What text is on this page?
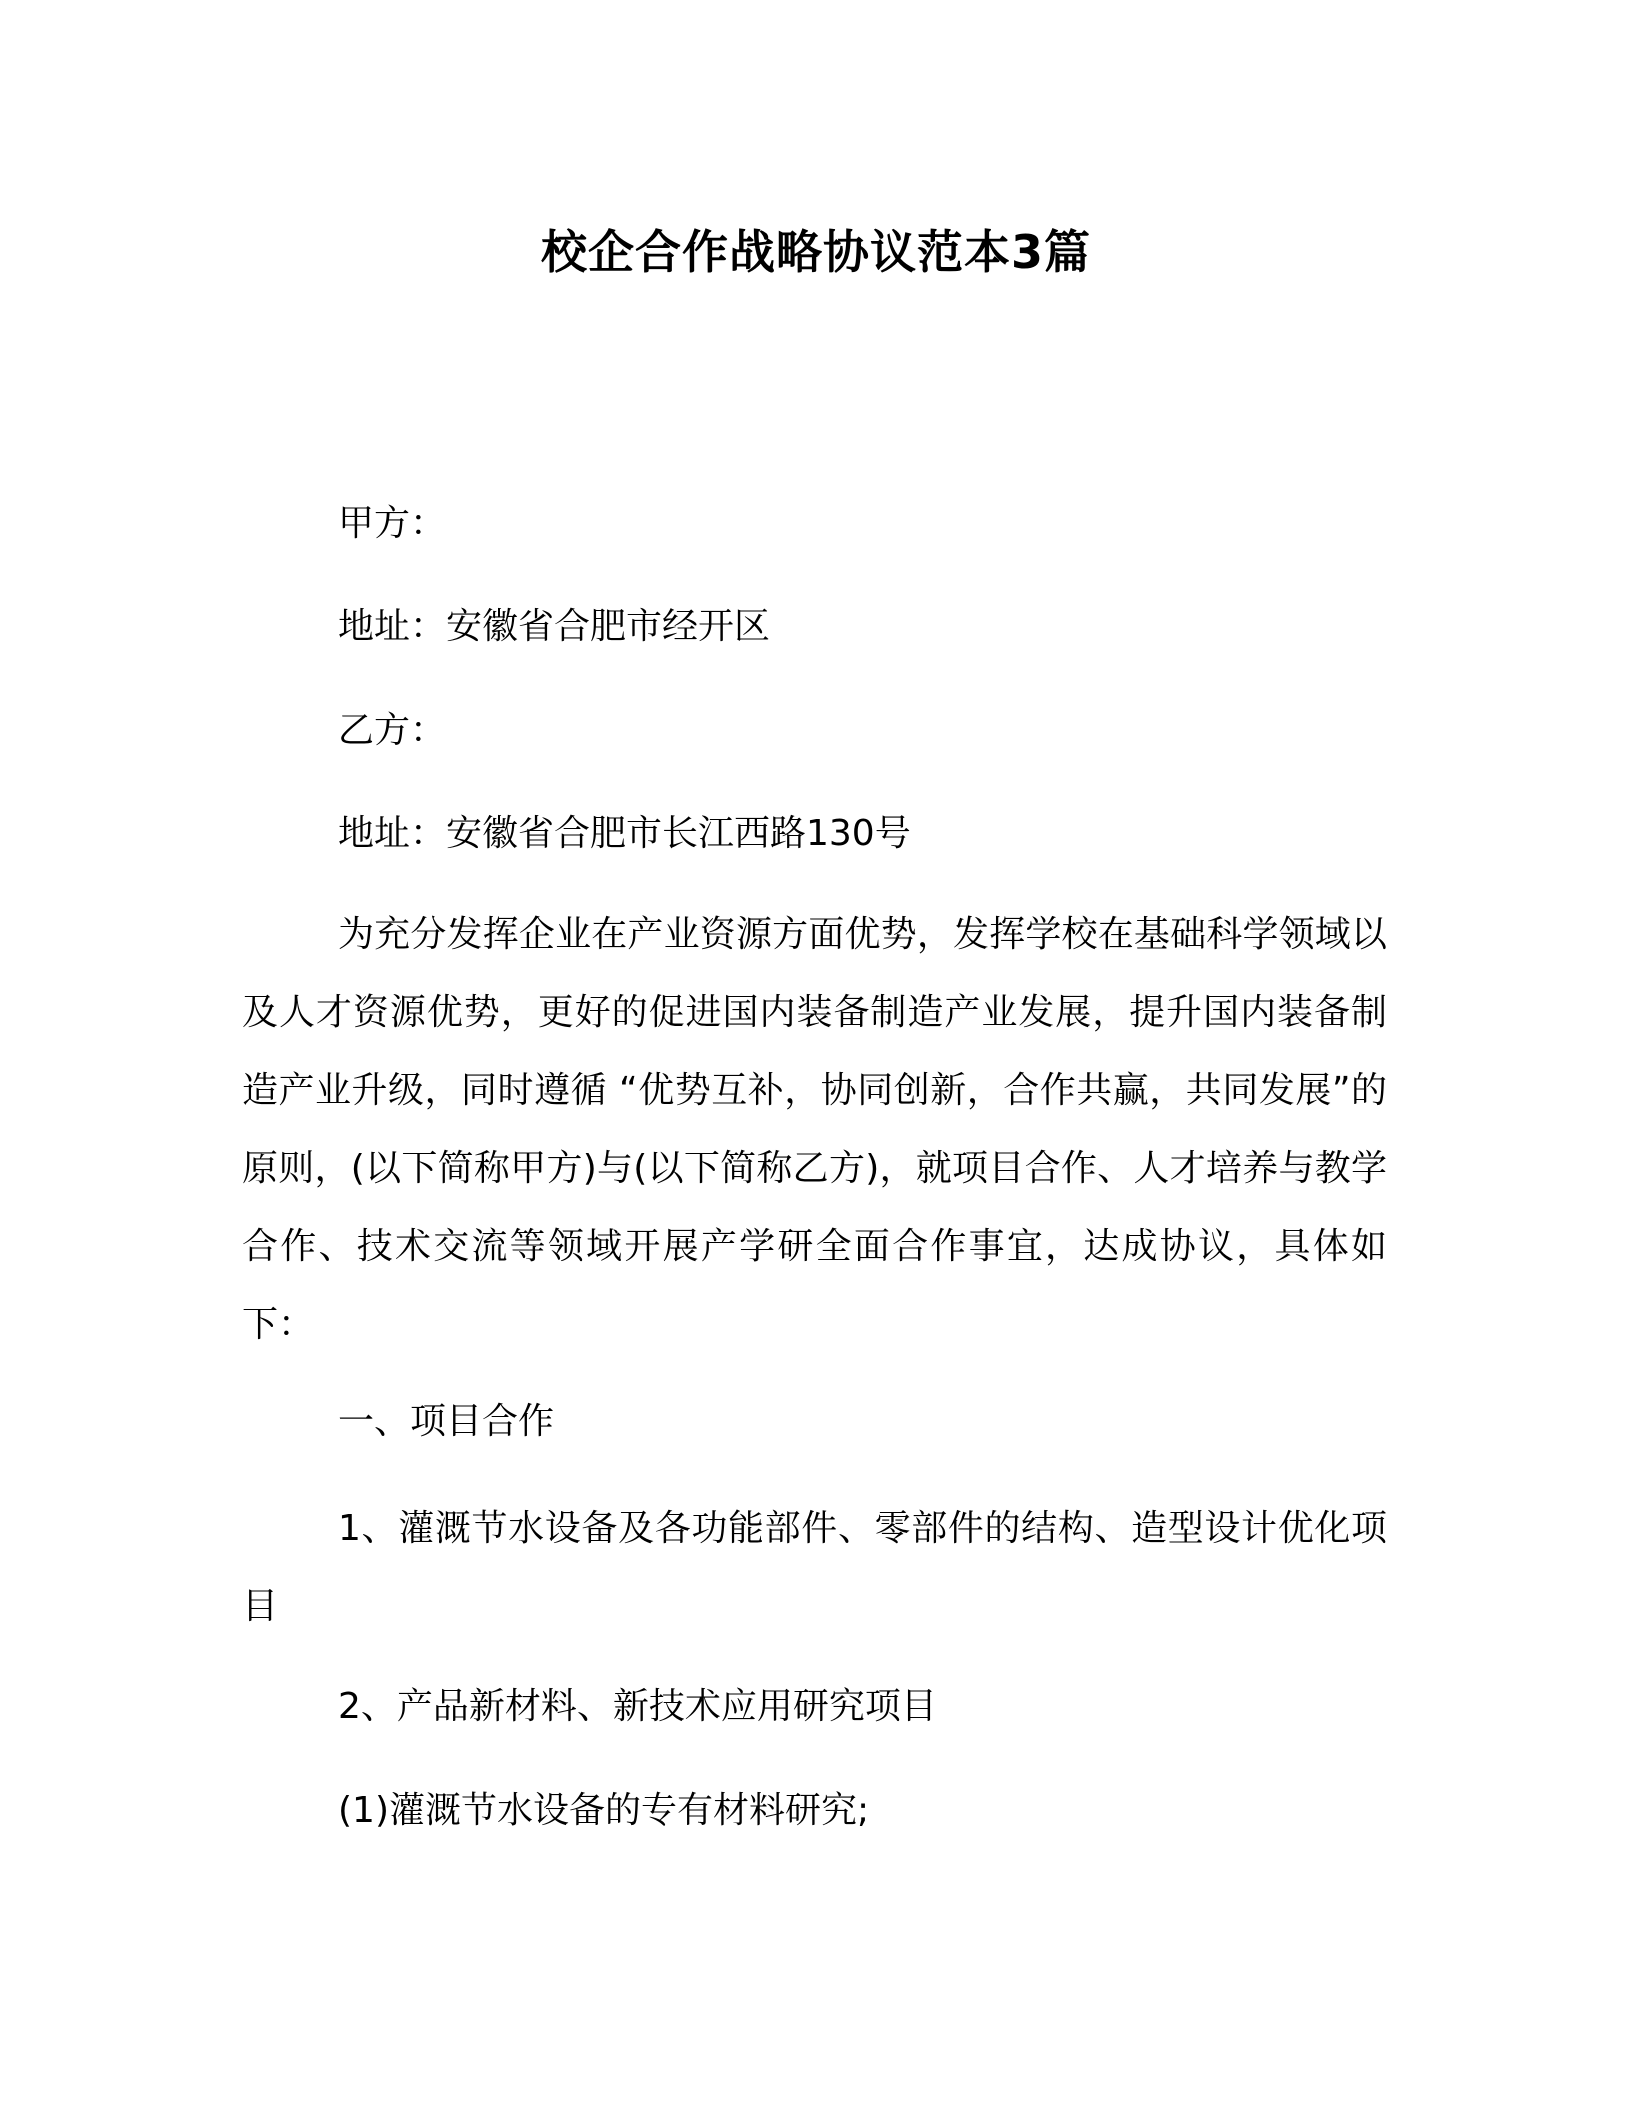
校企合作战略协议范本3篇
甲方：
地址：安徽省合肥市经开区
乙方：
地址：安徽省合肥市长江西路130号
为充分发挥企业在产业资源方面优势，发挥学校在基础科学领域以及人才资源优势，更好的促进国内装备制造产业发展，提升国内装备制造产业升级，同时遵循 “优势互补，协同创新，合作共赢，共同发展”的原则，(以下简称甲方)与(以下简称乙方)，就项目合作、人才培养与教学合作、技术交流等领域开展产学研全面合作事宜，达成协议，具体如下：
一、项目合作
1、灌溉节水设备及各功能部件、零部件的结构、造型设计优化项目
2、产品新材料、新技术应用研究项目
(1)灌溉节水设备的专有材料研究;
